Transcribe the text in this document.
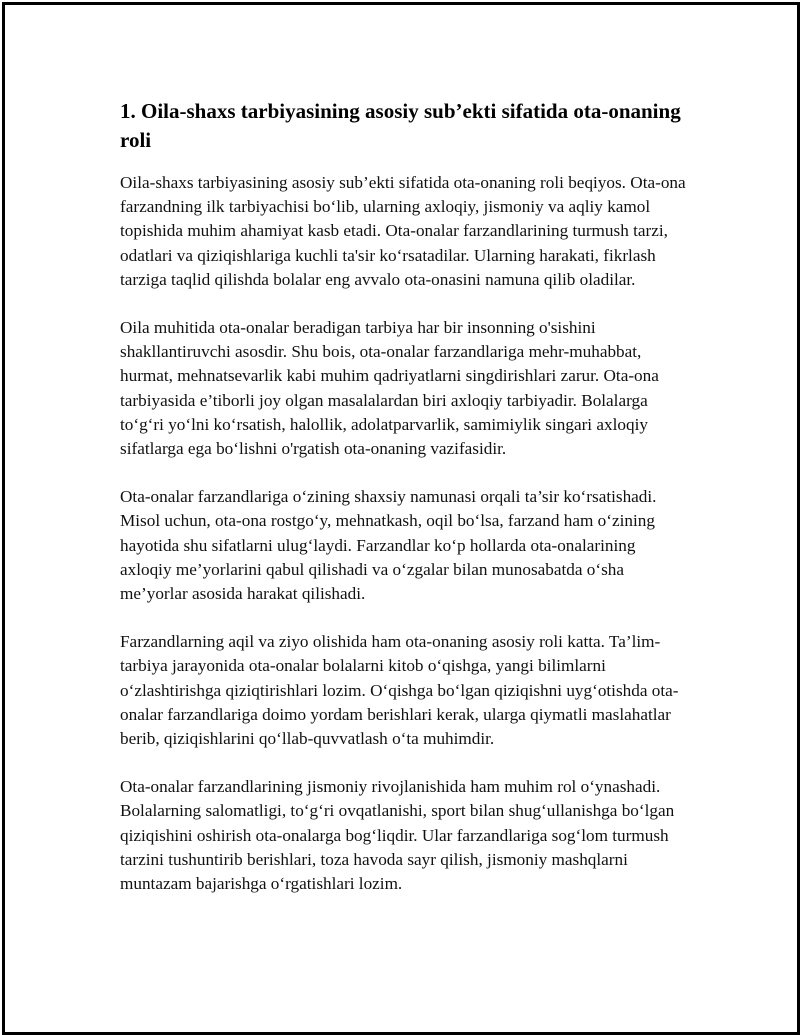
1. Oila-shaxs tarbiyasining asosiy sub’ekti sifatida ota-onaning roli

Oila-shaxs tarbiyasining asosiy sub’ekti sifatida ota-onaning roli beqiyos. Ota-ona farzandning ilk tarbiyachisi bo‘lib, ularning axloqiy, jismoniy va aqliy kamol topishida muhim ahamiyat kasb etadi. Ota-onalar farzandlarining turmush tarzi, odatlari va qiziqishlariga kuchli ta'sir ko‘rsatadilar. Ularning harakati, fikrlash tarziga taqlid qilishda bolalar eng avvalo ota-onasini namuna qilib oladilar.

Oila muhitida ota-onalar beradigan tarbiya har bir insonning o'sishini shakllantiruvchi asosdir. Shu bois, ota-onalar farzandlariga mehr-muhabbat, hurmat, mehnatsevarlik kabi muhim qadriyatlarni singdirishlari zarur. Ota-ona tarbiyasida e’tiborli joy olgan masalalardan biri axloqiy tarbiyadir. Bolalarga to‘g‘ri yo‘lni ko‘rsatish, halollik, adolatparvarlik, samimiylik singari axloqiy sifatlarga ega bo‘lishni o'rgatish ota-onaning vazifasidir.

Ota-onalar farzandlariga o‘zining shaxsiy namunasi orqali ta’sir ko‘rsatishadi. Misol uchun, ota-ona rostgo‘y, mehnatkash, oqil bo‘lsa, farzand ham o‘zining hayotida shu sifatlarni ulug‘laydi. Farzandlar ko‘p hollarda ota-onalarining axloqiy me’yorlarini qabul qilishadi va o‘zgalar bilan munosabatda o‘sha me’yorlar asosida harakat qilishadi.

Farzandlarning aqil va ziyo olishida ham ota-onaning asosiy roli katta. Ta’lim-tarbiya jarayonida ota-onalar bolalarni kitob o‘qishga, yangi bilimlarni o‘zlashtirishga qiziqtirishlari lozim. O‘qishga bo‘lgan qiziqishni uyg‘otishda ota-onalar farzandlariga doimo yordam berishlari kerak, ularga qiymatli maslahatlar berib, qiziqishlarini qo‘llab-quvvatlash o‘ta muhimdir.

Ota-onalar farzandlarining jismoniy rivojlanishida ham muhim rol o‘ynashadi. Bolalarning salomatligi, to‘g‘ri ovqatlanishi, sport bilan shug‘ullanishga bo‘lgan qiziqishini oshirish ota-onalarga bog‘liqdir. Ular farzandlariga sog‘lom turmush tarzini tushuntirib berishlari, toza havoda sayr qilish, jismoniy mashqlarni muntazam bajarishga o‘rgatishlari lozim.
